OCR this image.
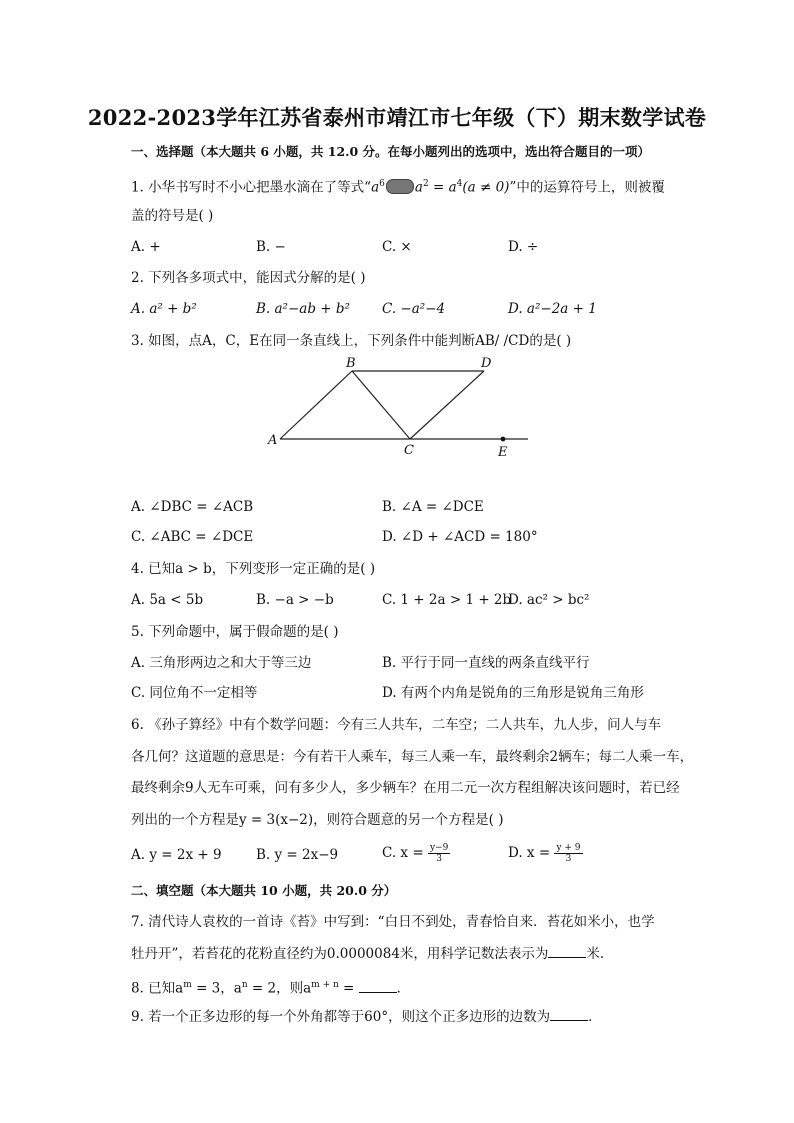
2022-2023学年江苏省泰州市靖江市七年级（下）期末数学试卷
一、选择题（本大题共 6 小题，共 12.0 分。在每小题列出的选项中，选出符合题目的一项）
1. 小华书写时不小心把墨水滴在了等式“$a^6$ $a^2 = a^4(a \ne 0)$”中的运算符号上，则被覆
盖的符号是( )
A. +	B. −	C. ×	D. ÷
2. 下列各多项式中，能因式分解的是( )
A. a² + b²	B. a²−ab + b² C. −a²−4	D. a²−2a + 1
3. 如图，点A，C，E在同一条直线上，下列条件中能判断AB/ /CD的是( )
B	D
A
C	E
A. ∠DBC = ∠ACB	B. ∠A = ∠DCE
C. ∠ABC = ∠DCE	D. ∠D + ∠ACD = 180°
4. 已知a > b，下列变形一定正确的是( )
A. 5a < 5b	B. −a > −b	C. 1 + 2a > 1 + 2b
D. ac² > bc²
5. 下列命题中，属于假命题的是( )
A. 三角形两边之和大于等三边	B. 平行于同一直线的两条直线平行
C. 同位角不一定相等	D. 有两个内角是锐角的三角形是锐角三角形
6. 《孙子算经》中有个数学问题：今有三人共车，二车空；二人共车，九人步，问人与车
各几何？这道题的意思是：今有若干人乘车，每三人乘一车，最终剩余2辆车；每二人乘一车，
最终剩余9人无车可乘，问有多少人，多少辆车？在用二元一次方程组解决该问题时，若已经
列出的一个方程是y = 3(x−2)，则符合题意的另一个方程是( )
A. y = 2x + 9	B. y = 2x−9	C. $x = \frac{y-9}{3}$	D. $x = \frac{y + 9}{3}$
二、填空题（本大题共 10 小题，共 20.0 分）
7. 清代诗人袁枚的一首诗《苔》中写到：“白日不到处，青春恰自来．苔花如米小，也学
牡丹开”，若苔花的花粉直径约为0.0000084米，用科学记数法表示为	米．
8. 已知$a^m = 3$，$a^n = 2$，则$a^{m + n}$ =	．
9. 若一个正多边形的每一个外角都等于60°，则这个正多边形的边数为	．
